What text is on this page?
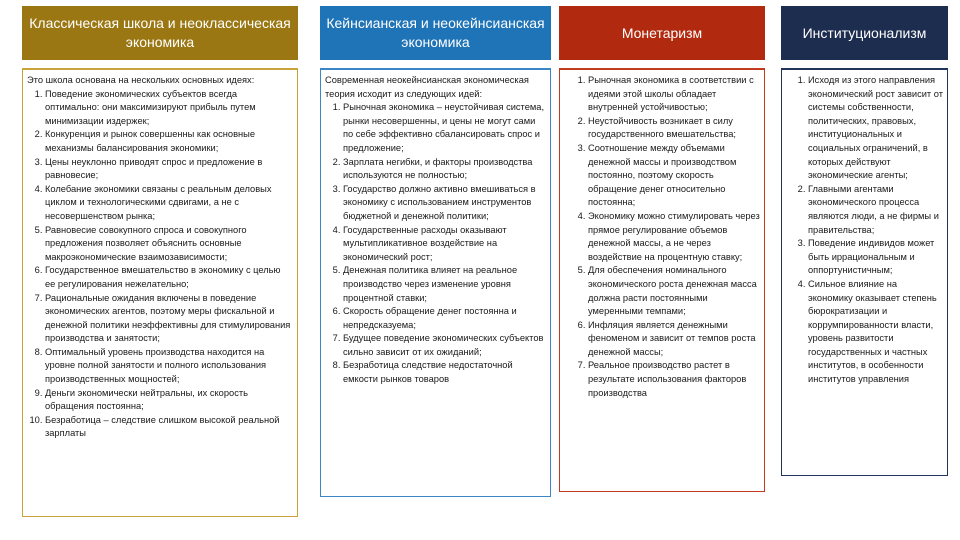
Классическая школа и неоклассическая экономика

Это школа основана на нескольких основных идеях:

1. Поведение экономических субъектов всегда оптимально: они максимизируют прибыль путем минимизации издержек;
2. Конкуренция и рынок совершенны как основные механизмы балансирования экономики;
3. Цены неуклонно приводят спрос и предложение в равновесие;
4. Колебание экономики связаны с реальным деловых циклом и технологическими сдвигами, а не с несовершенством рынка;
5. Равновесие совокупного спроса и совокупного предложения позволяет объяснить основные макроэкономические взаимозависимости;
6. Государственное вмешательство в экономику с целью ее регулирования нежелательно;
7. Рациональные ожидания включены в поведение экономических агентов, поэтому меры фискальной и денежной политики неэффективны для стимулирования производства и занятости;
8. Оптимальный уровень производства находится на уровне полной занятости и полного использования производственных мощностей;
9. Деньги экономически нейтральны, их скорость обращения постоянна;
10. Безработица – следствие слишком высокой реальной зарплаты
Кейнсианская и неокейнсианская экономика

Современная неокейнсианская экономическая теория исходит из следующих идей:

1. Рыночная экономика – неустойчивая система, рынки несовершенны, и цены не могут сами по себе эффективно сбалансировать спрос и предложение;
2. Зарплата негибки, и факторы производства используются не полностью;
3. Государство должно активно вмешиваться в экономику с использованием инструментов бюджетной и денежной политики;
4. Государственные расходы оказывают мультипликативное воздействие на экономический рост;
5. Денежная политика влияет на реальное производство через изменение уровня процентной ставки;
6. Скорость обращение денег постоянна и непредсказуема;
7. Будущее поведение экономических субъектов сильно зависит от их ожиданий;
8. Безработица следствие недостаточной емкости рынков товаров
Монетаризм
1. Рыночная экономика в соответствии с идеями этой школы обладает внутренней устойчивостью;
2. Неустойчивость возникает в силу государственного вмешательства;
3. Соотношение между объемами денежной массы и производством постоянно, поэтому скорость обращение денег относительно постоянна;
4. Экономику можно стимулировать через прямое регулирование объемов денежной массы, а не через воздействие на процентную ставку;
5. Для обеспечения номинального экономического роста денежная масса должна расти постоянными умеренными темпами;
6. Инфляция является денежными феноменом и зависит от темпов роста денежной массы;
7. Реальное производство растет в результате использования факторов производства
Институционализм
1. Исходя из этого направления экономический рост зависит от системы собственности, политических, правовых, институциональных и социальных ограничений, в которых действуют экономические агенты;
2. Главными агентами экономического процесса являются люди, а не фирмы и правительства;
3. Поведение индивидов может быть иррациональным и оппортунистичным;
4. Сильное влияние на экономику оказывает степень бюрократизации и коррумпированности власти, уровень развитости государственных и частных институтов, в особенности институтов управления
